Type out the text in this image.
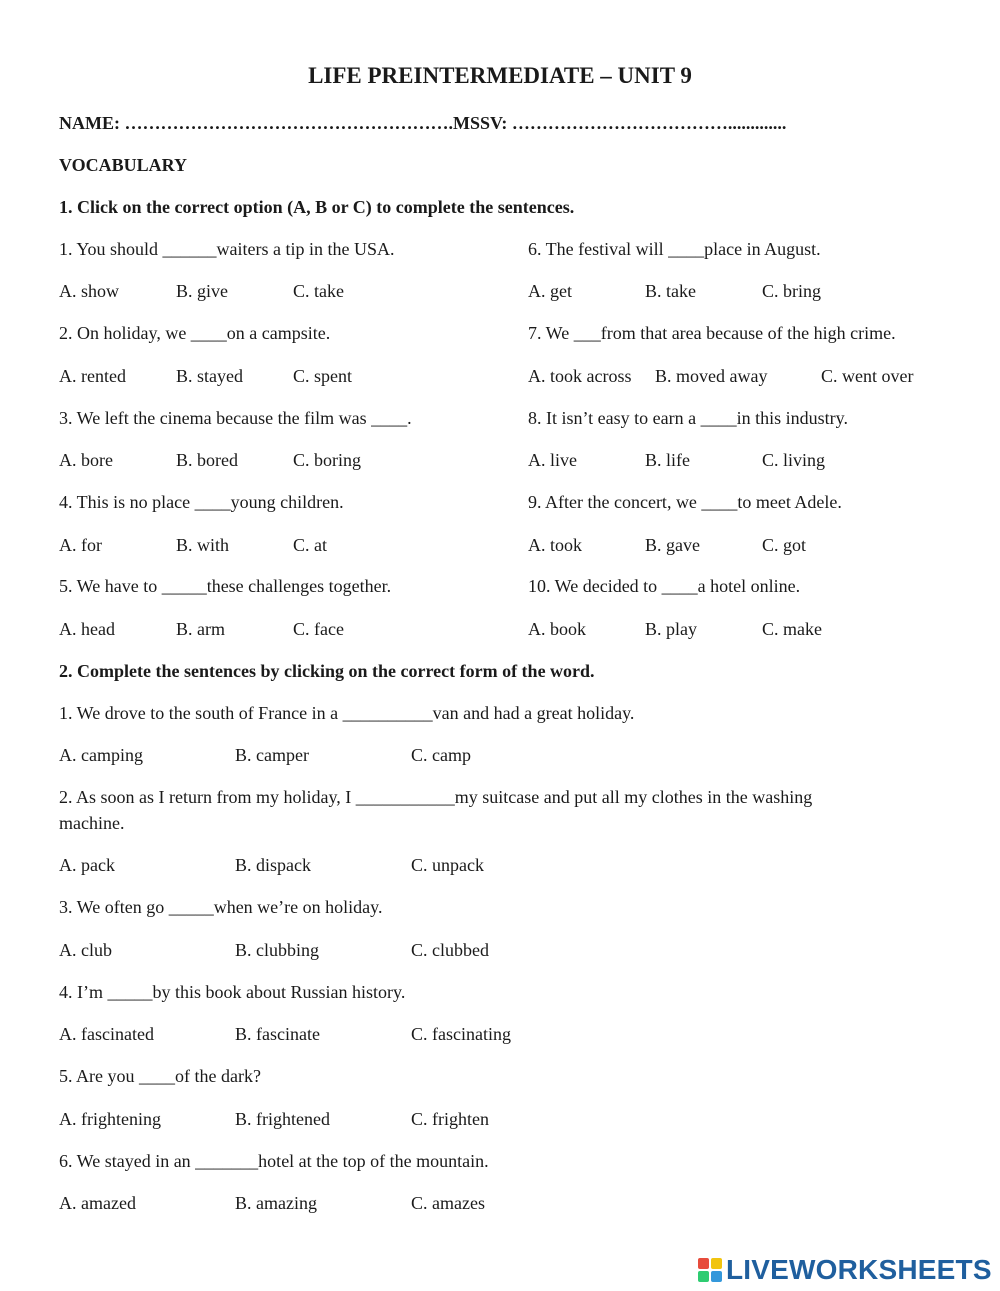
LIFE PREINTERMEDIATE – UNIT 9
NAME: ……………………………………………….MSSV: ……………………………….............
VOCABULARY
1. Click on the correct option (A, B or C) to complete the sentences.
1. You should ______waiters a tip in the USA.
A. show	B. give	C. take
2. On holiday, we ____on a campsite.
A. rented	B. stayed	C. spent
3. We left the cinema because the film was ____.
A. bore	B. bored	C. boring
4. This is no place ____young children.
A. for	B. with	C. at
5. We have to _____these challenges together.
A. head	B. arm	C. face
6. The festival will ____place in August.
A. get	B. take	C. bring
7. We ___from that area because of the high crime.
A. took across B. moved away	C. went over
8. It isn’t easy to earn a ____in this industry.
A. live	B. life	C. living
9. After the concert, we ____to meet Adele.
A. took	B. gave	C. got
10. We decided to ____a hotel online.
A. book	B. play	C. make
2. Complete the sentences by clicking on the correct form of the word.
1. We drove to the south of France in a __________van and had a great holiday.
A. camping	B. camper	C. camp
2. As soon as I return from my holiday, I ___________my suitcase and put all my clothes in the washing
machine.
A. pack	B. dispack	C. unpack
3. We often go _____when we’re on holiday.
A. club	B. clubbing	C. clubbed
4. I’m _____by this book about Russian history.
A. fascinated	B. fascinate	C. fascinating
5. Are you ____of the dark?
A. frightening	B. frightened	C. frighten
6. We stayed in an _______hotel at the top of the mountain.
A. amazed	B. amazing	C. amazes
LIVEWORKSHEETS
